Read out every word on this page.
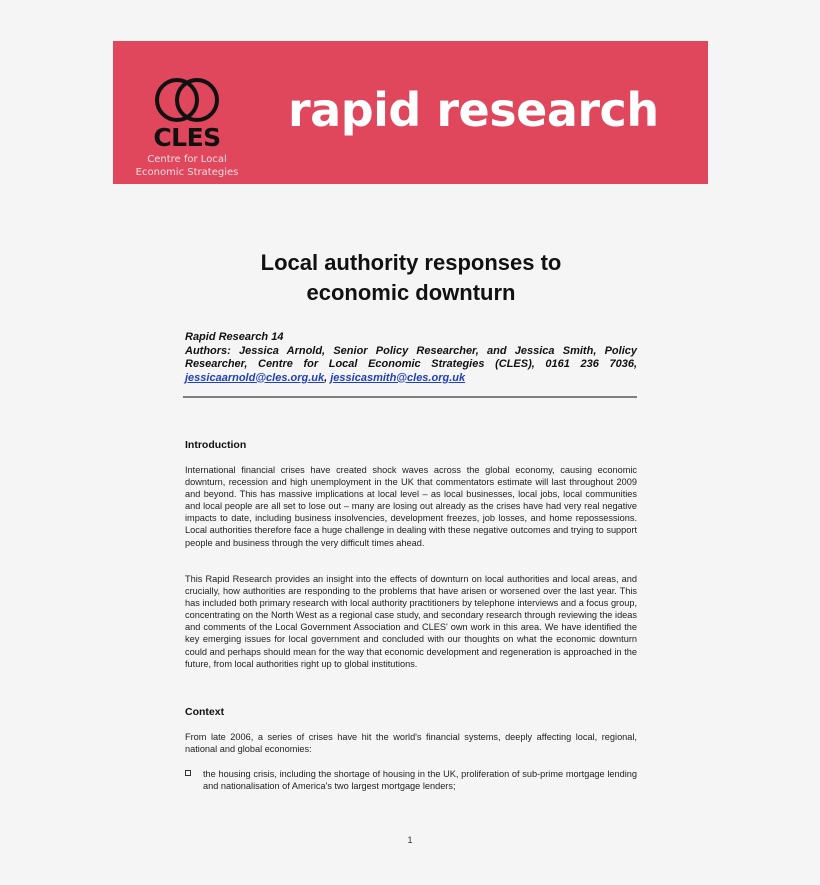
CLES
Centre for Local
Economic Strategies
rapid research
Local authority responses to
economic downturn
Rapid Research 14
Authors: Jessica Arnold, Senior Policy Researcher, and Jessica Smith, Policy Researcher, Centre for Local Economic Strategies (CLES), 0161 236 7036, jessicaarnold@cles.org.uk, jessicasmith@cles.org.uk
Introduction
International financial crises have created shock waves across the global economy, causing economic downturn, recession and high unemployment in the UK that commentators estimate will last throughout 2009 and beyond. This has massive implications at local level – as local businesses, local jobs, local communities and local people are all set to lose out – many are losing out already as the crises have had very real negative impacts to date, including business insolvencies, development freezes, job losses, and home repossessions. Local authorities therefore face a huge challenge in dealing with these negative outcomes and trying to support people and business through the very difficult times ahead.
This Rapid Research provides an insight into the effects of downturn on local authorities and local areas, and crucially, how authorities are responding to the problems that have arisen or worsened over the last year. This has included both primary research with local authority practitioners by telephone interviews and a focus group, concentrating on the North West as a regional case study, and secondary research through reviewing the ideas and comments of the Local Government Association and CLES' own work in this area. We have identified the key emerging issues for local government and concluded with our thoughts on what the economic downturn could and perhaps should mean for the way that economic development and regeneration is approached in the future, from local authorities right up to global institutions.
Context
From late 2006, a series of crises have hit the world's financial systems, deeply affecting local, regional, national and global economies:
the housing crisis, including the shortage of housing in the UK, proliferation of sub-prime mortgage lending and nationalisation of America's two largest mortgage lenders;
1
